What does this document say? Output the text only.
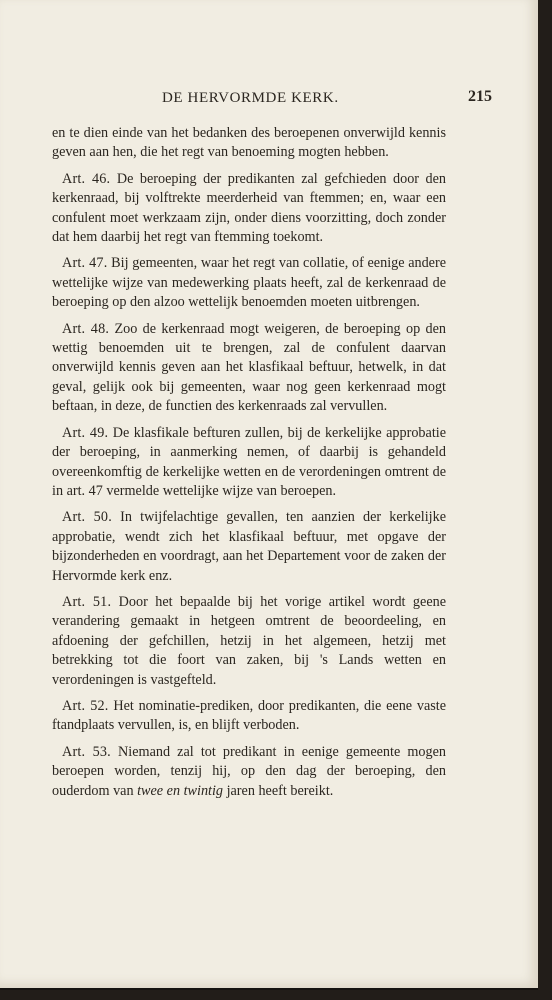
DE HERVORMDE KERK.	215

en te dien einde van het bedanken des beroepenen onverwijld kennis geven aan hen, die het regt van benoeming mogten hebben.

Art. 46. De beroeping der predikanten zal gefchieden door den kerkenraad, bij volftrekte meerderheid van ftemmen; en, waar een confulent moet werkzaam zijn, onder diens voorzitting, doch zonder dat hem daarbij het regt van ftemming toekomt.

Art. 47. Bij gemeenten, waar het regt van collatie, of eenige andere wettelijke wijze van medewerking plaats heeft, zal de kerkenraad de beroeping op den alzoo wettelijk benoemden moeten uitbrengen.

Art. 48. Zoo de kerkenraad mogt weigeren, de beroeping op den wettig benoemden uit te brengen, zal de confulent daarvan onverwijld kennis geven aan het klasfikaal beftuur, hetwelk, in dat geval, gelijk ook bij gemeenten, waar nog geen kerkenraad mogt beftaan, in deze, de functien des kerkenraads zal vervullen.

Art. 49. De klasfikale befturen zullen, bij de kerkelijke approbatie der beroeping, in aanmerking nemen, of daarbij is gehandeld overeenkomftig de kerkelijke wetten en de verordeningen omtrent de in art. 47 vermelde wettelijke wijze van beroepen.

Art. 50. In twijfelachtige gevallen, ten aanzien der kerkelijke approbatie, wendt zich het klasfikaal beftuur, met opgave der bijzonderheden en voordragt, aan het Departement voor de zaken der Hervormde kerk enz.

Art. 51. Door het bepaalde bij het vorige artikel wordt geene verandering gemaakt in hetgeen omtrent de beoordeeling, en afdoening der gefchillen, hetzij in het algemeen, hetzij met betrekking tot die foort van zaken, bij 's Lands wetten en verordeningen is vastgefteld.

Art. 52. Het nominatie-prediken, door predikanten, die eene vaste ftandplaats vervullen, is, en blijft verboden.

Art. 53. Niemand zal tot predikant in eenige gemeente mogen beroepen worden, tenzij hij, op den dag der beroeping, den ouderdom van twee en twintig jaren heeft bereikt.
